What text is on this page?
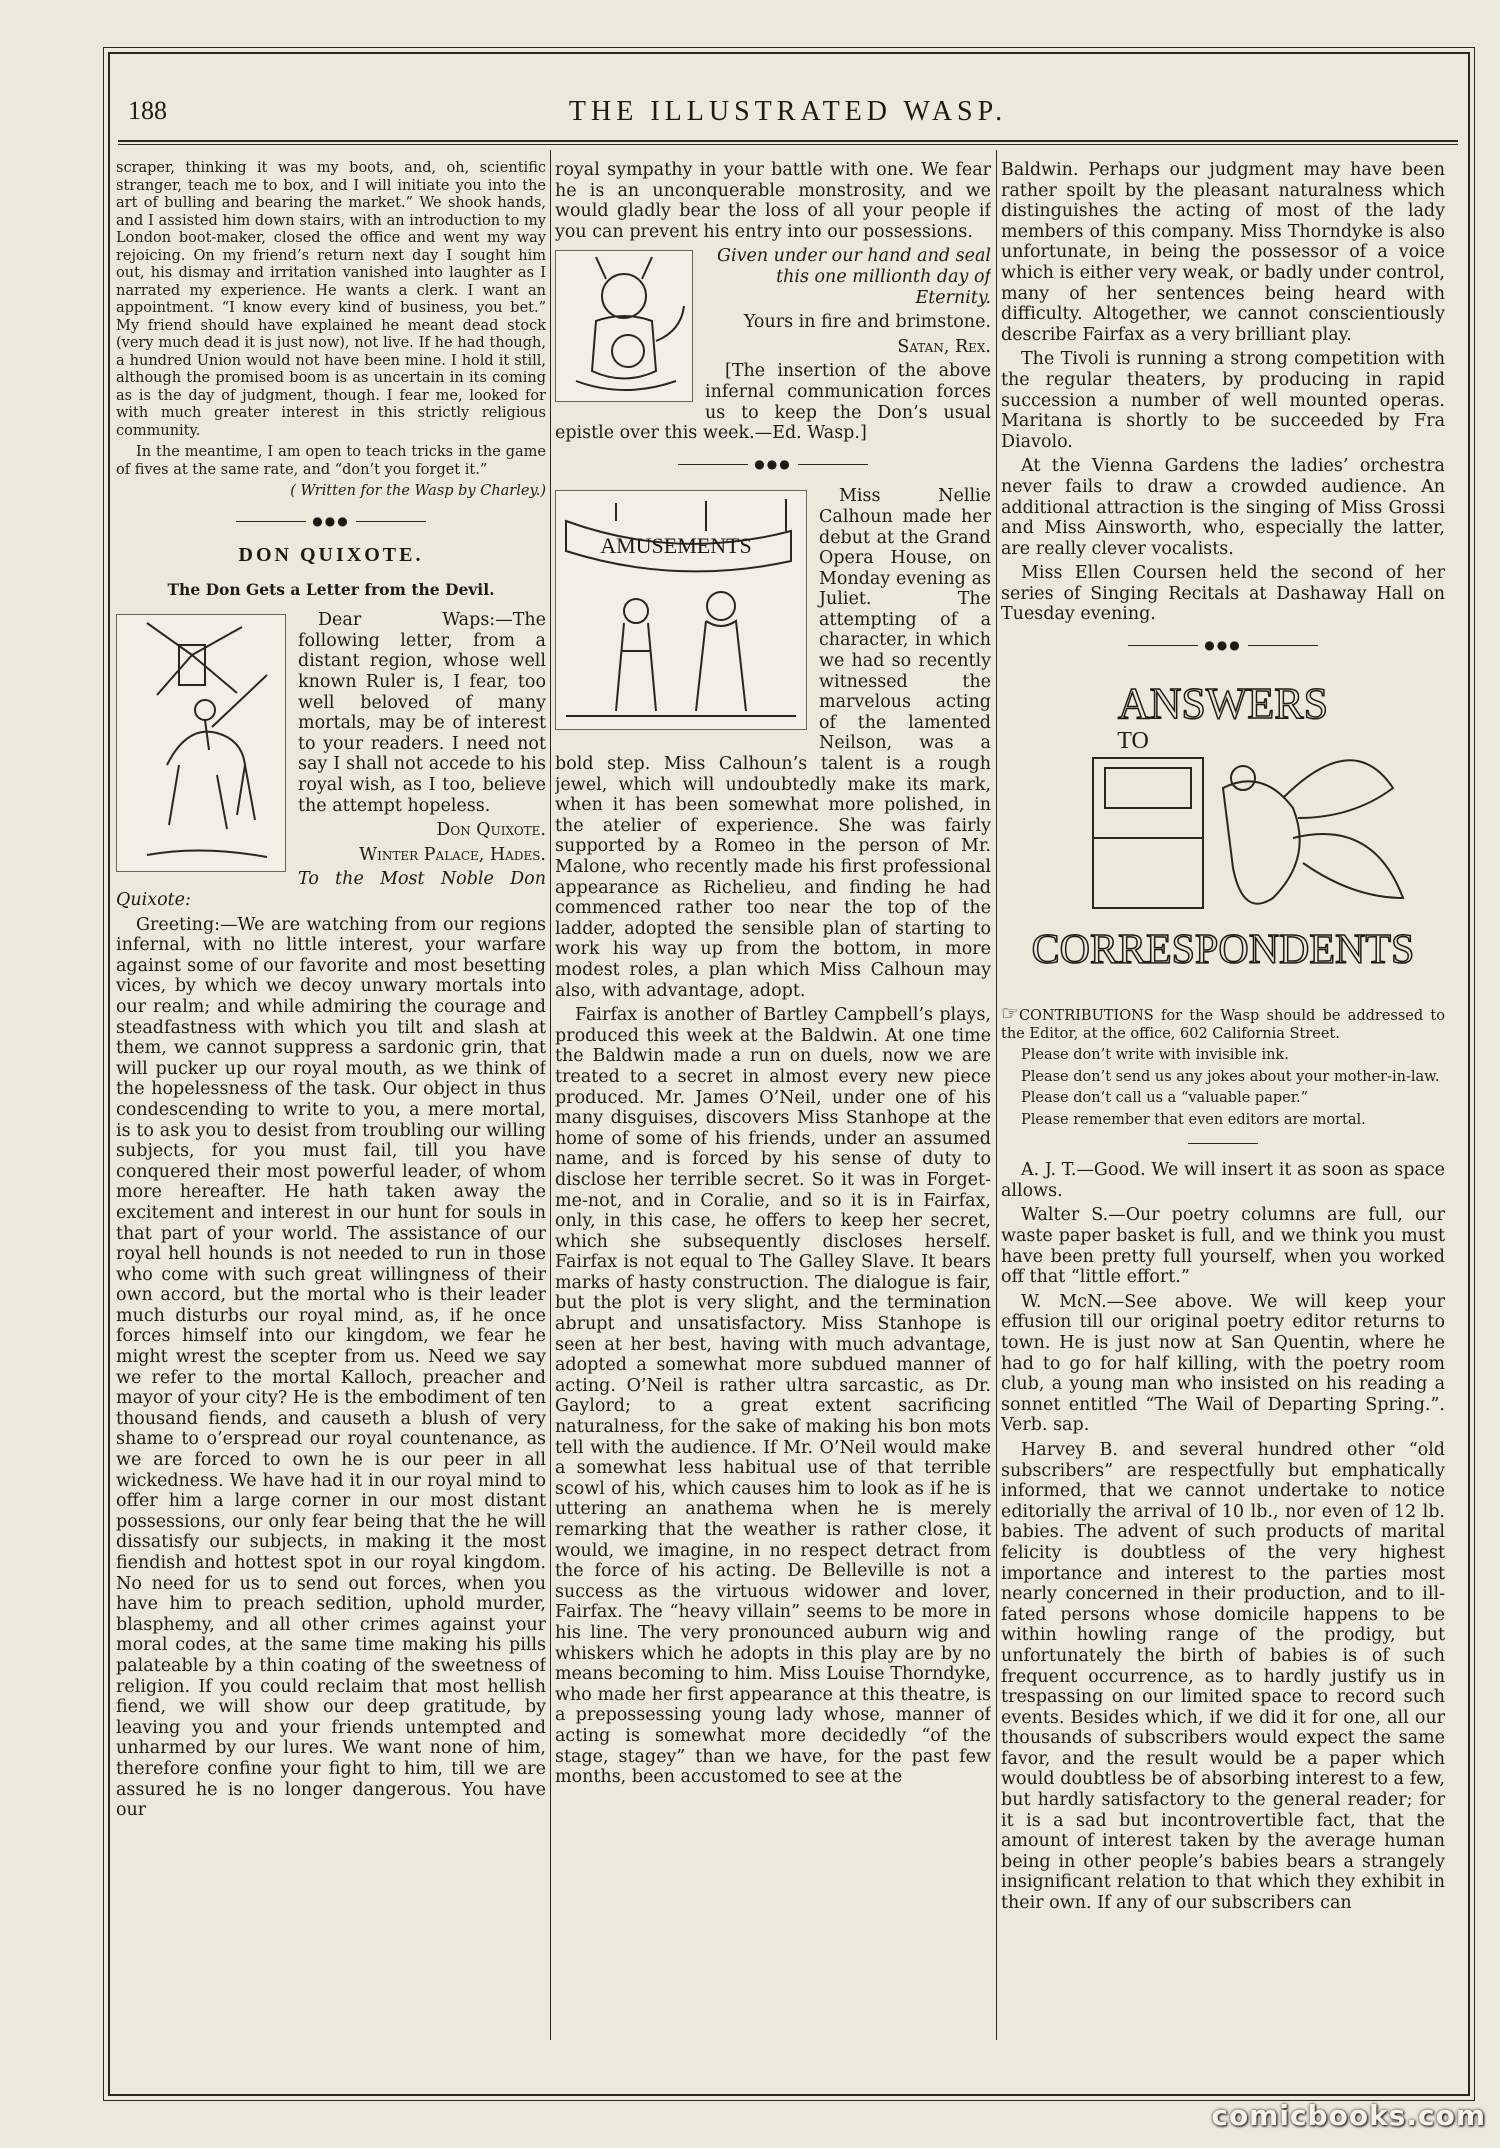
188	THE ILLUSTRATED WASP.

scraper, thinking it was my boots, and, oh, scientific stranger, teach me to box, and I will initiate you into the art of bulling and bearing the market.” We shook hands, and I assisted him down stairs, with an introduction to my London boot-maker, closed the office and went my way rejoicing. On my friend’s return next day I sought him out, his dismay and irritation vanished into laughter as I narrated my experience. He wants a clerk. I want an appointment. “I know every kind of business, you bet.” My friend should have explained he meant dead stock (very much dead it is just now), not live. If he had though, a hundred Union would not have been mine. I hold it still, although the promised boom is as uncertain in its coming as is the day of judgment, though. I fear me, looked for with much greater interest in this strictly religious community.

In the meantime, I am open to teach tricks in the game of fives at the same rate, and “don’t you forget it.”

( Written for the Wasp by Charley.)

●●●
DON QUIXOTE.
The Don Gets a Letter from the Devil.

Dear Waps:—The following letter, from a distant region, whose well known Ruler is, I fear, too well beloved of many mortals, may be of interest to your readers. I need not say I shall not accede to his royal wish, as I too, believe the attempt hopeless.

Don Quixote.

Winter Palace, Hades.

To the Most Noble Don Quixote:

Greeting:—We are watching from our regions infernal, with no little interest, your warfare against some of our favorite and most besetting vices, by which we decoy unwary mortals into our realm; and while admiring the courage and steadfastness with which you tilt and slash at them, we cannot suppress a sardonic grin, that will pucker up our royal mouth, as we think of the hopelessness of the task. Our object in thus condescending to write to you, a mere mortal, is to ask you to desist from troubling our willing subjects, for you must fail, till you have conquered their most powerful leader, of whom more hereafter. He hath taken away the excitement and interest in our hunt for souls in that part of your world. The assistance of our royal hell hounds is not needed to run in those who come with such great willingness of their own accord, but the mortal who is their leader much disturbs our royal mind, as, if he once forces himself into our kingdom, we fear he might wrest the scepter from us. Need we say we refer to the mortal Kalloch, preacher and mayor of your city? He is the embodiment of ten thousand fiends, and causeth a blush of very shame to o’erspread our royal countenance, as we are forced to own he is our peer in all wickedness. We have had it in our royal mind to offer him a large corner in our most distant possessions, our only fear being that the he will dissatisfy our subjects, in making it the most fiendish and hottest spot in our royal kingdom. No need for us to send out forces, when you have him to preach sedition, uphold murder, blasphemy, and all other crimes against your moral codes, at the same time making his pills palateable by a thin coating of the sweetness of religion. If you could reclaim that most hellish fiend, we will show our deep gratitude, by leaving you and your friends untempted and unharmed by our lures. We want none of him, therefore confine your fight to him, till we are assured he is no longer dangerous. You have our

royal sympathy in your battle with one. We fear he is an unconquerable monstrosity, and we would gladly bear the loss of all your people if you can prevent his entry into our possessions.

Given under our hand and seal this one millionth day of Eternity.

Yours in fire and brimstone.

Satan, Rex.

[The insertion of the above infernal communication forces us to keep the Don’s usual epistle over this week.—Ed. Wasp.]

●●●
AMUSEMENTS

Miss Nellie Calhoun made her debut at the Grand Opera House, on Monday evening as Juliet. The attempting of a character, in which we had so recently witnessed the marvelous acting of the lamented Neilson, was a bold step. Miss Calhoun’s talent is a rough jewel, which will undoubtedly make its mark, when it has been somewhat more polished, in the atelier of experience. She was fairly supported by a Romeo in the person of Mr. Malone, who recently made his first professional appearance as Richelieu, and finding he had commenced rather too near the top of the ladder, adopted the sensible plan of starting to work his way up from the bottom, in more modest roles, a plan which Miss Calhoun may also, with advantage, adopt.

Fairfax is another of Bartley Campbell’s plays, produced this week at the Baldwin. At one time the Baldwin made a run on duels, now we are treated to a secret in almost every new piece produced. Mr. James O’Neil, under one of his many disguises, discovers Miss Stanhope at the home of some of his friends, under an assumed name, and is forced by his sense of duty to disclose her terrible secret. So it was in Forget-me-not, and in Coralie, and so it is in Fairfax, only, in this case, he offers to keep her secret, which she subsequently discloses herself. Fairfax is not equal to The Galley Slave. It bears marks of hasty construction. The dialogue is fair, but the plot is very slight, and the termination abrupt and unsatisfactory. Miss Stanhope is seen at her best, having with much advantage, adopted a somewhat more subdued manner of acting. O’Neil is rather ultra sarcastic, as Dr. Gaylord; to a great extent sacrificing naturalness, for the sake of making his bon mots tell with the audience. If Mr. O’Neil would make a somewhat less habitual use of that terrible scowl of his, which causes him to look as if he is uttering an anathema when he is merely remarking that the weather is rather close, it would, we imagine, in no respect detract from the force of his acting. De Belleville is not a success as the virtuous widower and lover, Fairfax. The “heavy villain” seems to be more in his line. The very pronounced auburn wig and whiskers which he adopts in this play are by no means becoming to him. Miss Louise Thorndyke, who made her first appearance at this theatre, is a prepossessing young lady whose, manner of acting is somewhat more decidedly “of the stage, stagey” than we have, for the past few months, been accustomed to see at the

Baldwin. Perhaps our judgment may have been rather spoilt by the pleasant naturalness which distinguishes the acting of most of the lady members of this company. Miss Thorndyke is also unfortunate, in being the possessor of a voice which is either very weak, or badly under control, many of her sentences being heard with difficulty. Altogether, we cannot conscientiously describe Fairfax as a very brilliant play.

The Tivoli is running a strong competition with the regular theaters, by producing in rapid succession a number of well mounted operas. Maritana is shortly to be succeeded by Fra Diavolo.

At the Vienna Gardens the ladies’ orchestra never fails to draw a crowded audience. An additional attraction is the singing of Miss Grossi and Miss Ainsworth, who, especially the latter, are really clever vocalists.

Miss Ellen Coursen held the second of her series of Singing Recitals at Dashaway Hall on Tuesday evening.

●●●
ANSWERS
TO
CORRESPONDENTS

☞CONTRIBUTIONS for the Wasp should be addressed to the Editor, at the office, 602 California Street.

Please don’t write with invisible ink.

Please don’t send us any jokes about your mother-in-law.

Please don’t call us a “valuable paper.”

Please remember that even editors are mortal.

A. J. T.—Good. We will insert it as soon as space allows.

Walter S.—Our poetry columns are full, our waste paper basket is full, and we think you must have been pretty full yourself, when you worked off that “little effort.”

W. McN.—See above. We will keep your effusion till our original poetry editor returns to town. He is just now at San Quentin, where he had to go for half killing, with the poetry room club, a young man who insisted on his reading a sonnet entitled “The Wail of Departing Spring.”. Verb. sap.

Harvey B. and several hundred other “old subscribers” are respectfully but emphatically informed, that we cannot undertake to notice editorially the arrival of 10 lb., nor even of 12 lb. babies. The advent of such products of marital felicity is doubtless of the very highest importance and interest to the parties most nearly concerned in their production, and to ill-fated persons whose domicile happens to be within howling range of the prodigy, but unfortunately the birth of babies is of such frequent occurrence, as to hardly justify us in trespassing on our limited space to record such events. Besides which, if we did it for one, all our thousands of subscribers would expect the same favor, and the result would be a paper which would doubtless be of absorbing interest to a few, but hardly satisfactory to the general reader; for it is a sad but incontrovertible fact, that the amount of interest taken by the average human being in other people’s babies bears a strangely insignificant relation to that which they exhibit in their own. If any of our subscribers can

comicbooks.com
